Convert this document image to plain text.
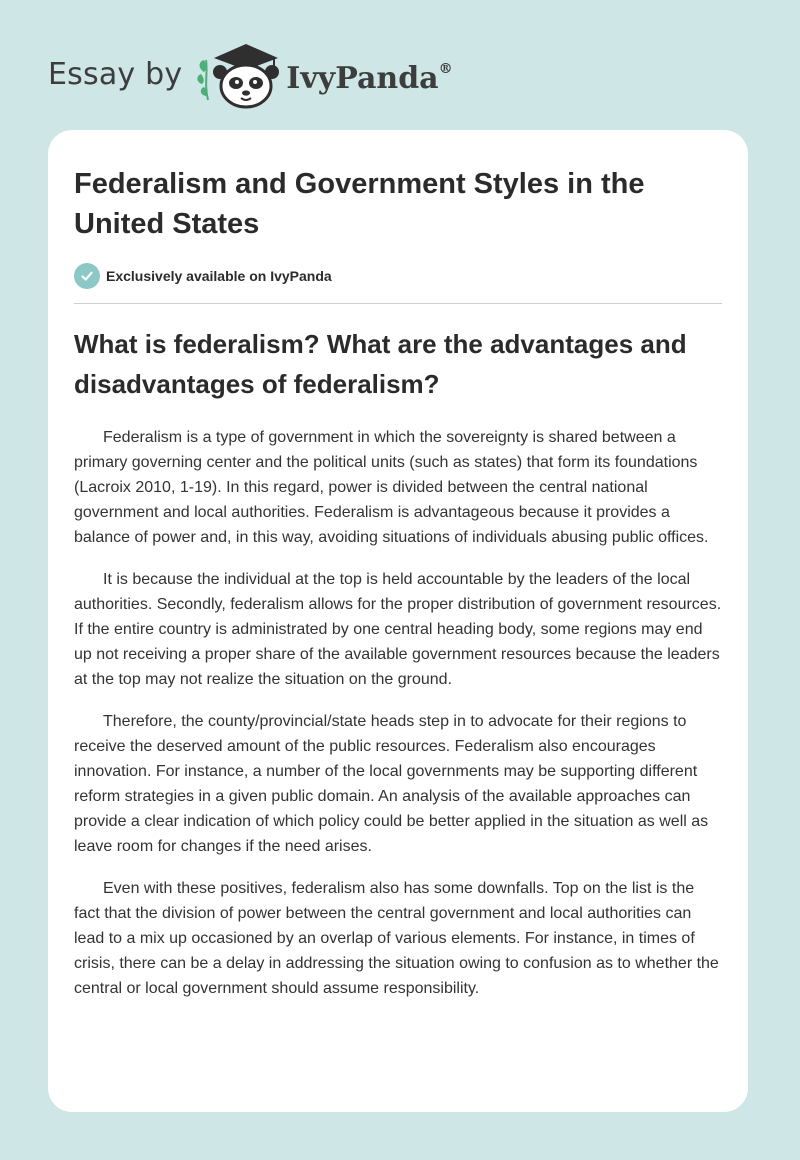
Essay by	IvyPanda®
Federalism and Government Styles in the United States
Exclusively available on IvyPanda
What is federalism? What are the advantages and disadvantages of federalism?

Federalism is a type of government in which the sovereignty is shared between a primary governing center and the political units (such as states) that form its foundations (Lacroix 2010, 1-19). In this regard, power is divided between the central national government and local authorities. Federalism is advantageous because it provides a balance of power and, in this way, avoiding situations of individuals abusing public offices.

It is because the individual at the top is held accountable by the leaders of the local authorities. Secondly, federalism allows for the proper distribution of government resources. If the entire country is administrated by one central heading body, some regions may end up not receiving a proper share of the available government resources because the leaders at the top may not realize the situation on the ground.

Therefore, the county/provincial/state heads step in to advocate for their regions to receive the deserved amount of the public resources. Federalism also encourages innovation. For instance, a number of the local governments may be supporting different reform strategies in a given public domain. An analysis of the available approaches can provide a clear indication of which policy could be better applied in the situation as well as leave room for changes if the need arises.

Even with these positives, federalism also has some downfalls. Top on the list is the fact that the division of power between the central government and local authorities can lead to a mix up occasioned by an overlap of various elements. For instance, in times of crisis, there can be a delay in addressing the situation owing to confusion as to whether the central or local government should assume responsibility.
